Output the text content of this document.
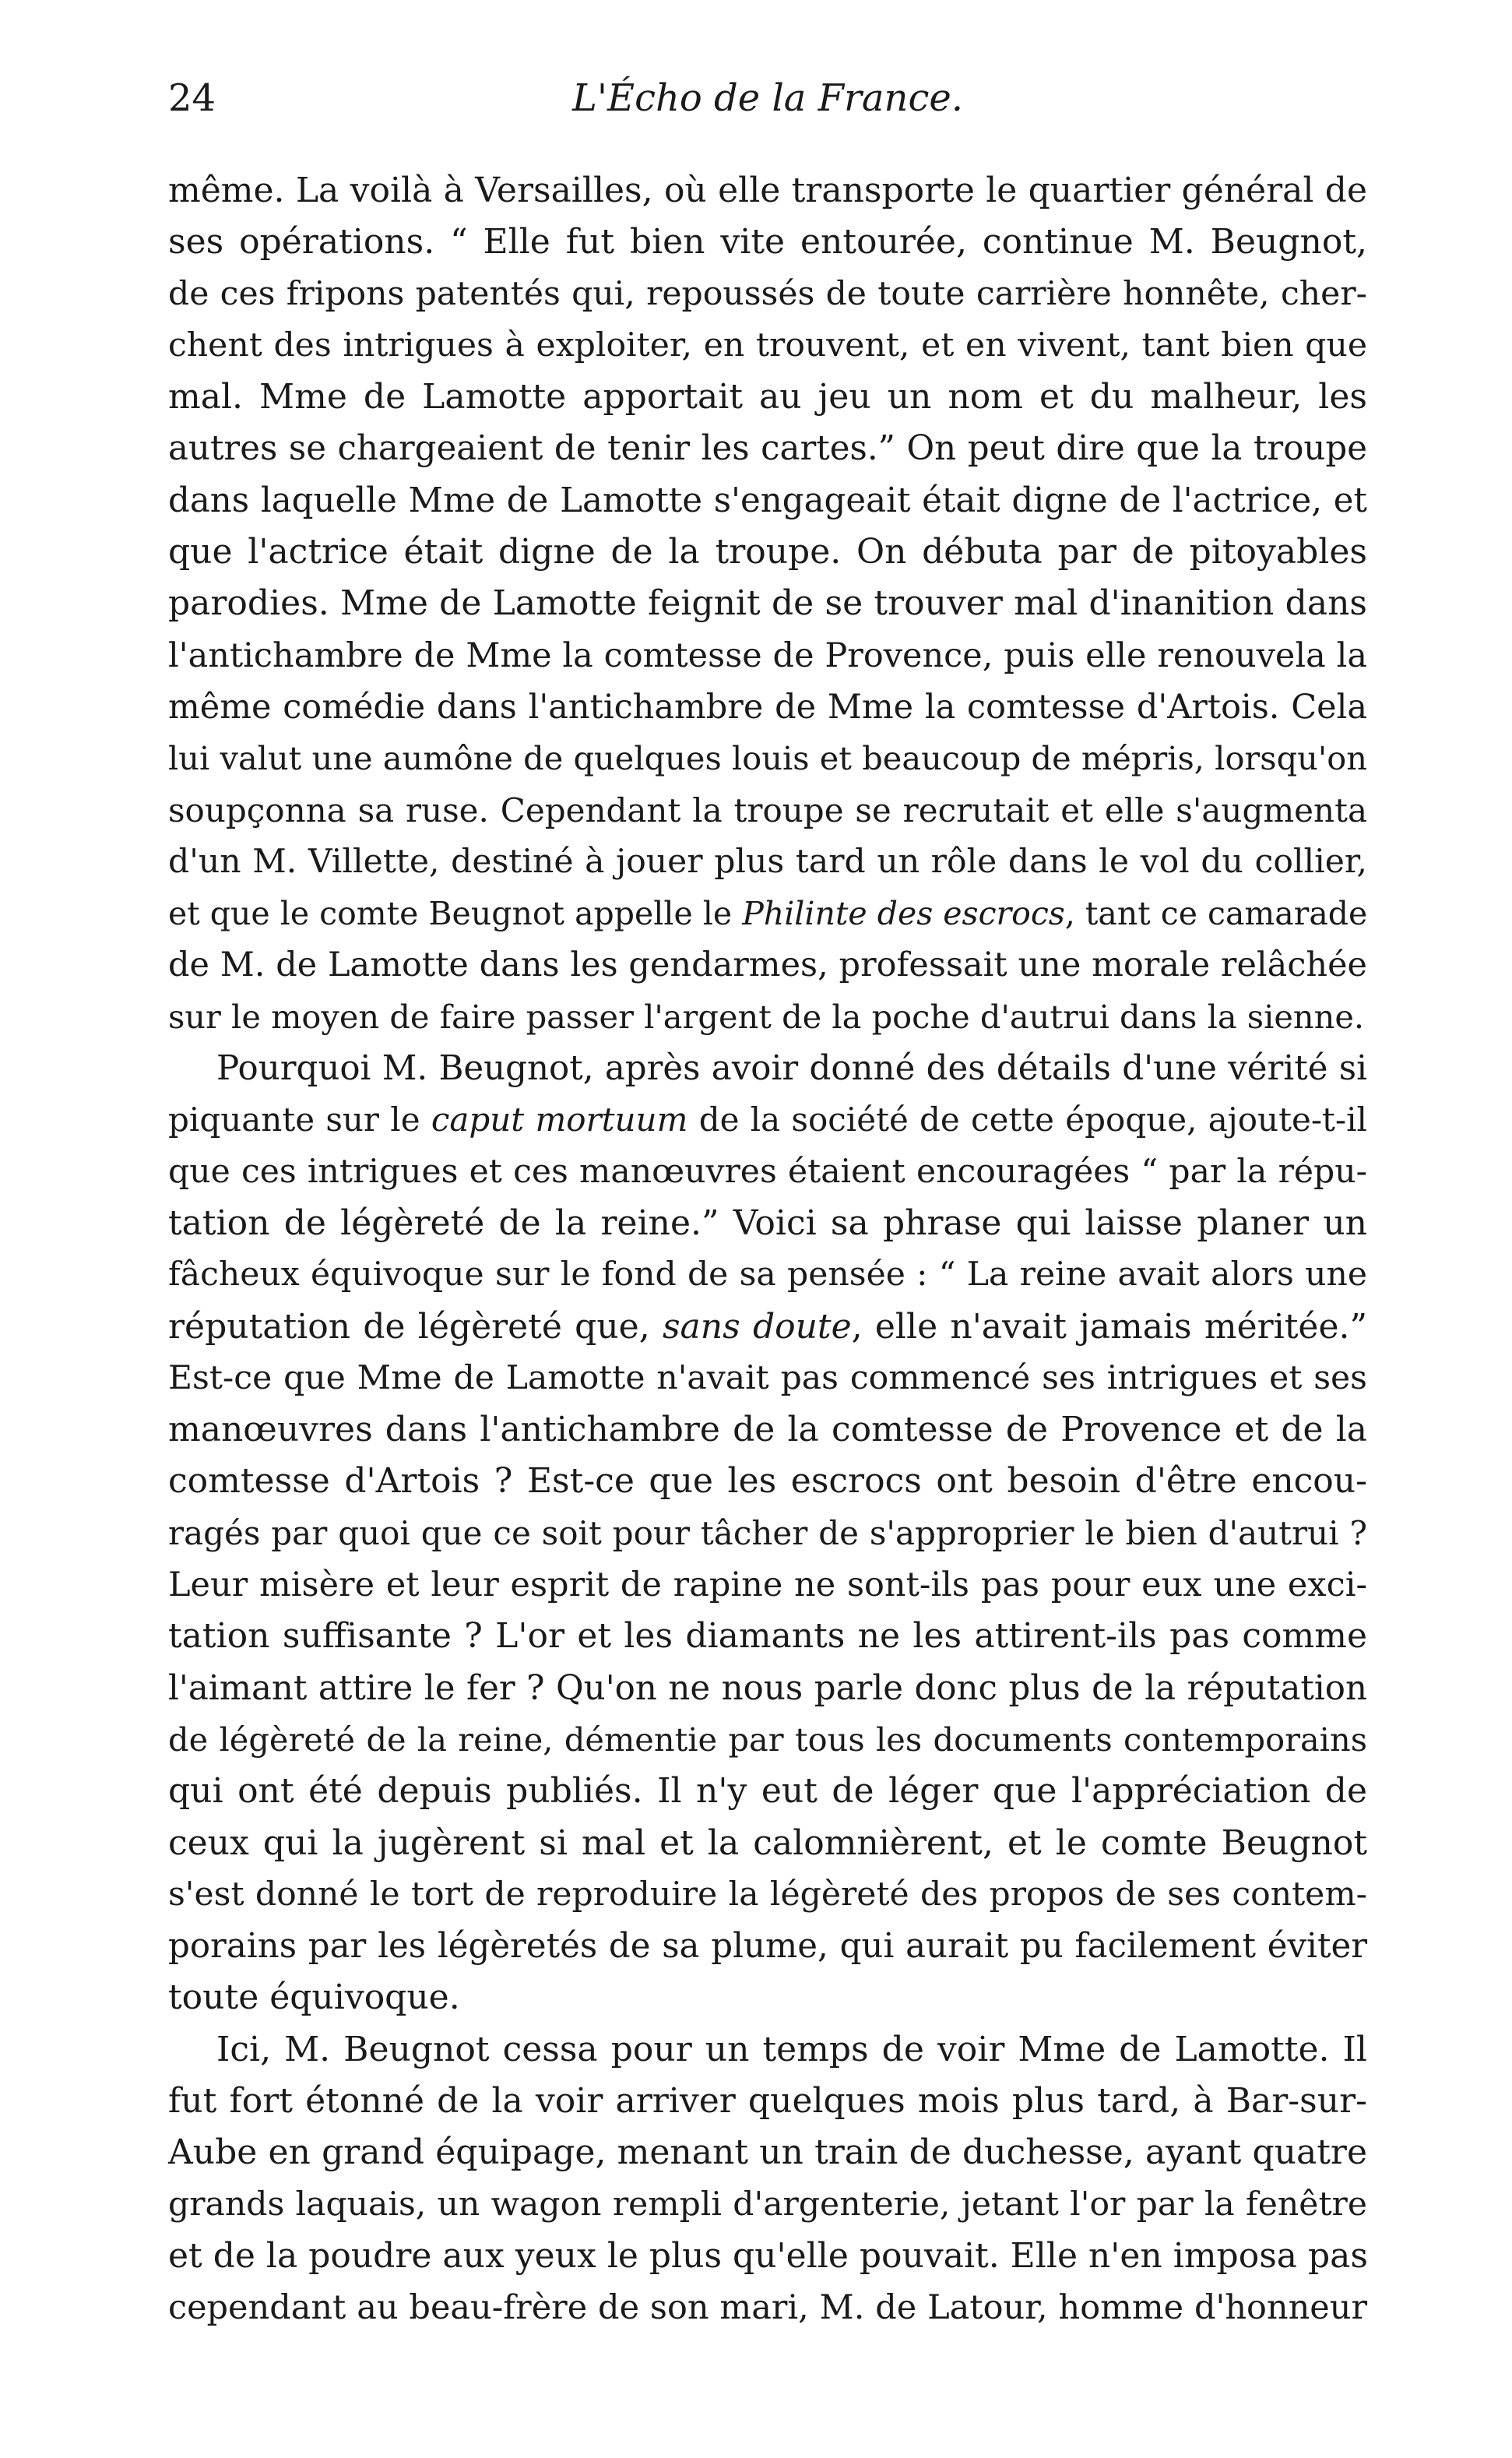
24	L'Écho de la France.
même. La voilà à Versailles, où elle transporte le quartier général de
ses opérations. “ Elle fut bien vite entourée, continue M. Beugnot,
de ces fripons patentés qui, repoussés de toute carrière honnête, cher-
chent des intrigues à exploiter, en trouvent, et en vivent, tant bien que
mal. Mme de Lamotte apportait au jeu un nom et du malheur, les
autres se chargeaient de tenir les cartes.” On peut dire que la troupe
dans laquelle Mme de Lamotte s'engageait était digne de l'actrice, et
que l'actrice était digne de la troupe. On débuta par de pitoyables
parodies. Mme de Lamotte feignit de se trouver mal d'inanition dans
l'antichambre de Mme la comtesse de Provence, puis elle renouvela la
même comédie dans l'antichambre de Mme la comtesse d'Artois. Cela
lui valut une aumône de quelques louis et beaucoup de mépris, lorsqu'on
soupçonna sa ruse. Cependant la troupe se recrutait et elle s'augmenta
d'un M. Villette, destiné à jouer plus tard un rôle dans le vol du collier,
et que le comte Beugnot appelle le Philinte des escrocs, tant ce camarade
de M. de Lamotte dans les gendarmes, professait une morale relâchée
sur le moyen de faire passer l'argent de la poche d'autrui dans la sienne.
Pourquoi M. Beugnot, après avoir donné des détails d'une vérité si
piquante sur le caput mortuum de la société de cette époque, ajoute-t-il
que ces intrigues et ces manœuvres étaient encouragées “ par la répu-
tation de légèreté de la reine.” Voici sa phrase qui laisse planer un
fâcheux équivoque sur le fond de sa pensée : “ La reine avait alors une
réputation de légèreté que, sans doute, elle n'avait jamais méritée.”
Est-ce que Mme de Lamotte n'avait pas commencé ses intrigues et ses
manœuvres dans l'antichambre de la comtesse de Provence et de la
comtesse d'Artois ? Est-ce que les escrocs ont besoin d'être encou-
ragés par quoi que ce soit pour tâcher de s'approprier le bien d'autrui ?
Leur misère et leur esprit de rapine ne sont-ils pas pour eux une exci-
tation suffisante ? L'or et les diamants ne les attirent-ils pas comme
l'aimant attire le fer ? Qu'on ne nous parle donc plus de la réputation
de légèreté de la reine, démentie par tous les documents contemporains
qui ont été depuis publiés. Il n'y eut de léger que l'appréciation de
ceux qui la jugèrent si mal et la calomnièrent, et le comte Beugnot
s'est donné le tort de reproduire la légèreté des propos de ses contem-
porains par les légèretés de sa plume, qui aurait pu facilement éviter
toute équivoque.
Ici, M. Beugnot cessa pour un temps de voir Mme de Lamotte. Il
fut fort étonné de la voir arriver quelques mois plus tard, à Bar-sur-
Aube en grand équipage, menant un train de duchesse, ayant quatre
grands laquais, un wagon rempli d'argenterie, jetant l'or par la fenêtre
et de la poudre aux yeux le plus qu'elle pouvait. Elle n'en imposa pas
cependant au beau-frère de son mari, M. de Latour, homme d'honneur
